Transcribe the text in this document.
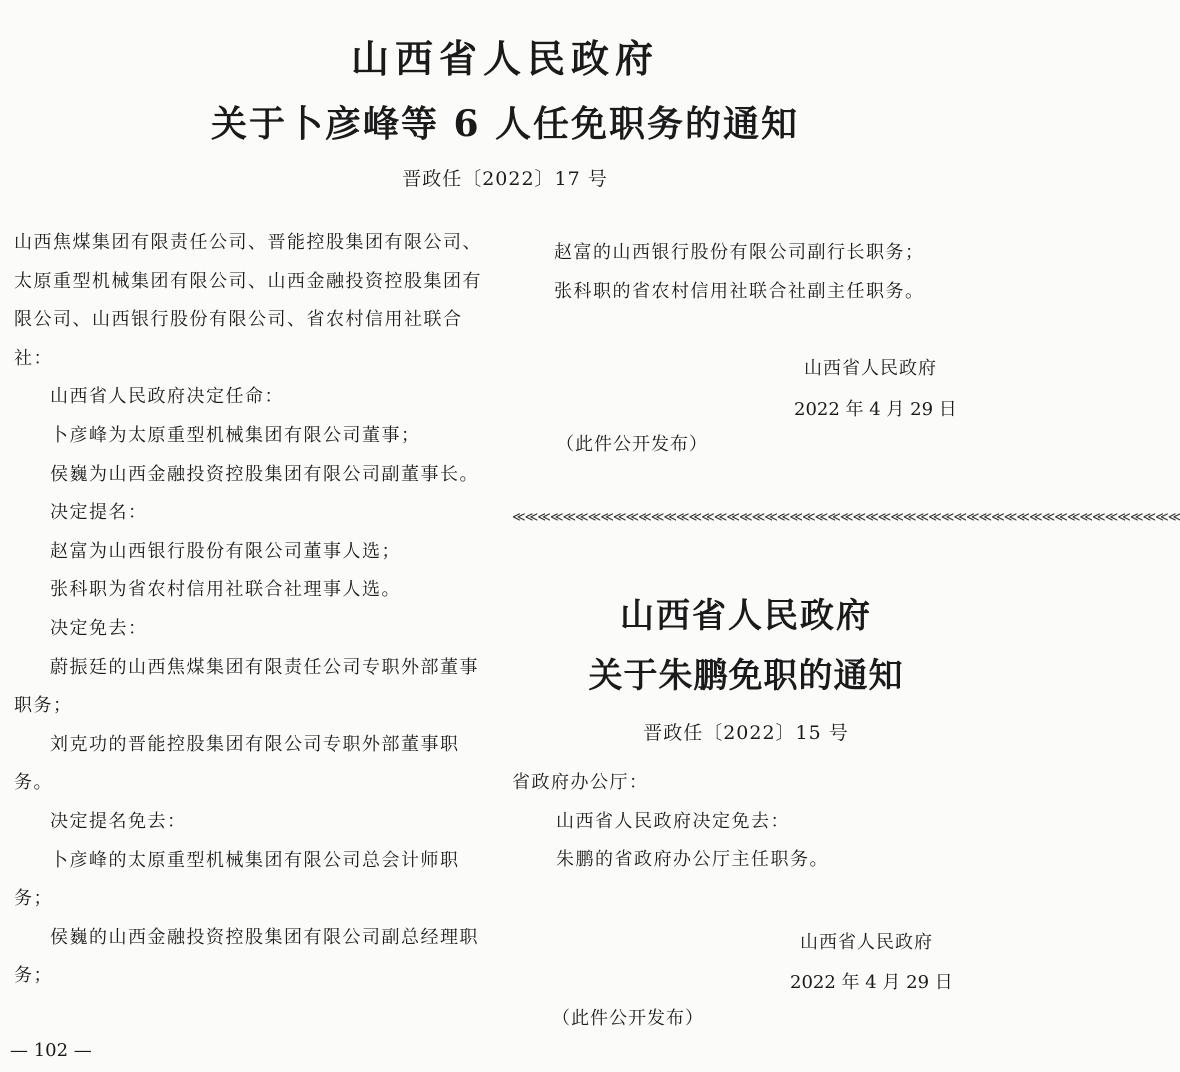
山西省人民政府
关于卜彦峰等 6 人任免职务的通知
晋政任〔2022〕17 号

山西焦煤集团有限责任公司、晋能控股集团有限公司、太原重型机械集团有限公司、山西金融投资控股集团有限公司、山西银行股份有限公司、省农村信用社联合社：

山西省人民政府决定任命：

卜彦峰为太原重型机械集团有限公司董事；

侯巍为山西金融投资控股集团有限公司副董事长。

决定提名：

赵富为山西银行股份有限公司董事人选；

张科职为省农村信用社联合社理事人选。

决定免去：

蔚振廷的山西焦煤集团有限责任公司专职外部董事职务；

刘克功的晋能控股集团有限公司专职外部董事职务。

决定提名免去：

卜彦峰的太原重型机械集团有限公司总会计师职务；

侯巍的山西金融投资控股集团有限公司副总经理职务；

赵富的山西银行股份有限公司副行长职务；

张科职的省农村信用社联合社副主任职务。

山西省人民政府
2022 年 4 月 29 日
（此件公开发布）
≪≪≪≪≪≪≪≪≪≪≪≪≪≪≪≪≪≪≪≪≪≪≪≪≪≪≪≪≪≪≪≪≪≪≪≪≪≪≪≪≪≪≪≪≪≪≪≪≪≪≪≪≪
山西省人民政府
关于朱鹏免职的通知
晋政任〔2022〕15 号

省政府办公厅：

山西省人民政府决定免去：

朱鹏的省政府办公厅主任职务。

山西省人民政府
2022 年 4 月 29 日
（此件公开发布）
— 102 —
